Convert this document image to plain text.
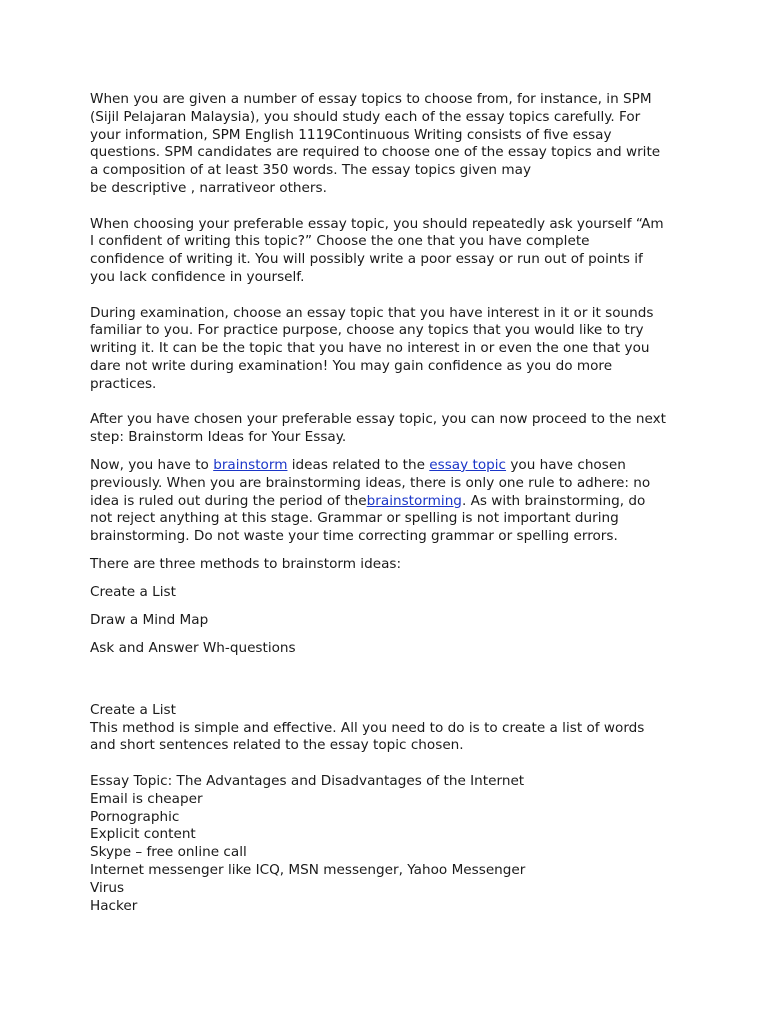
When you are given a number of essay topics to choose from, for instance, in SPM
(Sijil Pelajaran Malaysia), you should study each of the essay topics carefully. For
your information, SPM English 1119Continuous Writing consists of five essay
questions. SPM candidates are required to choose one of the essay topics and write
a composition of at least 350 words. The essay topics given may
be descriptive , narrativeor others.

When choosing your preferable essay topic, you should repeatedly ask yourself “Am
I confident of writing this topic?” Choose the one that you have complete
confidence of writing it. You will possibly write a poor essay or run out of points if
you lack confidence in yourself.

During examination, choose an essay topic that you have interest in it or it sounds
familiar to you. For practice purpose, choose any topics that you would like to try
writing it. It can be the topic that you have no interest in or even the one that you
dare not write during examination! You may gain confidence as you do more
practices.

After you have chosen your preferable essay topic, you can now proceed to the next
step: Brainstorm Ideas for Your Essay.

Now, you have to brainstorm ideas related to the essay topic you have chosen
previously. When you are brainstorming ideas, there is only one rule to adhere: no
idea is ruled out during the period of thebrainstorming. As with brainstorming, do
not reject anything at this stage. Grammar or spelling is not important during
brainstorming. Do not waste your time correcting grammar or spelling errors.

There are three methods to brainstorm ideas:

Create a List

Draw a Mind Map

Ask and Answer Wh-questions

Create a List
This method is simple and effective. All you need to do is to create a list of words
and short sentences related to the essay topic chosen.

Essay Topic: The Advantages and Disadvantages of the Internet
Email is cheaper
Pornographic
Explicit content
Skype – free online call
Internet messenger like ICQ, MSN messenger, Yahoo Messenger
Virus
Hacker
